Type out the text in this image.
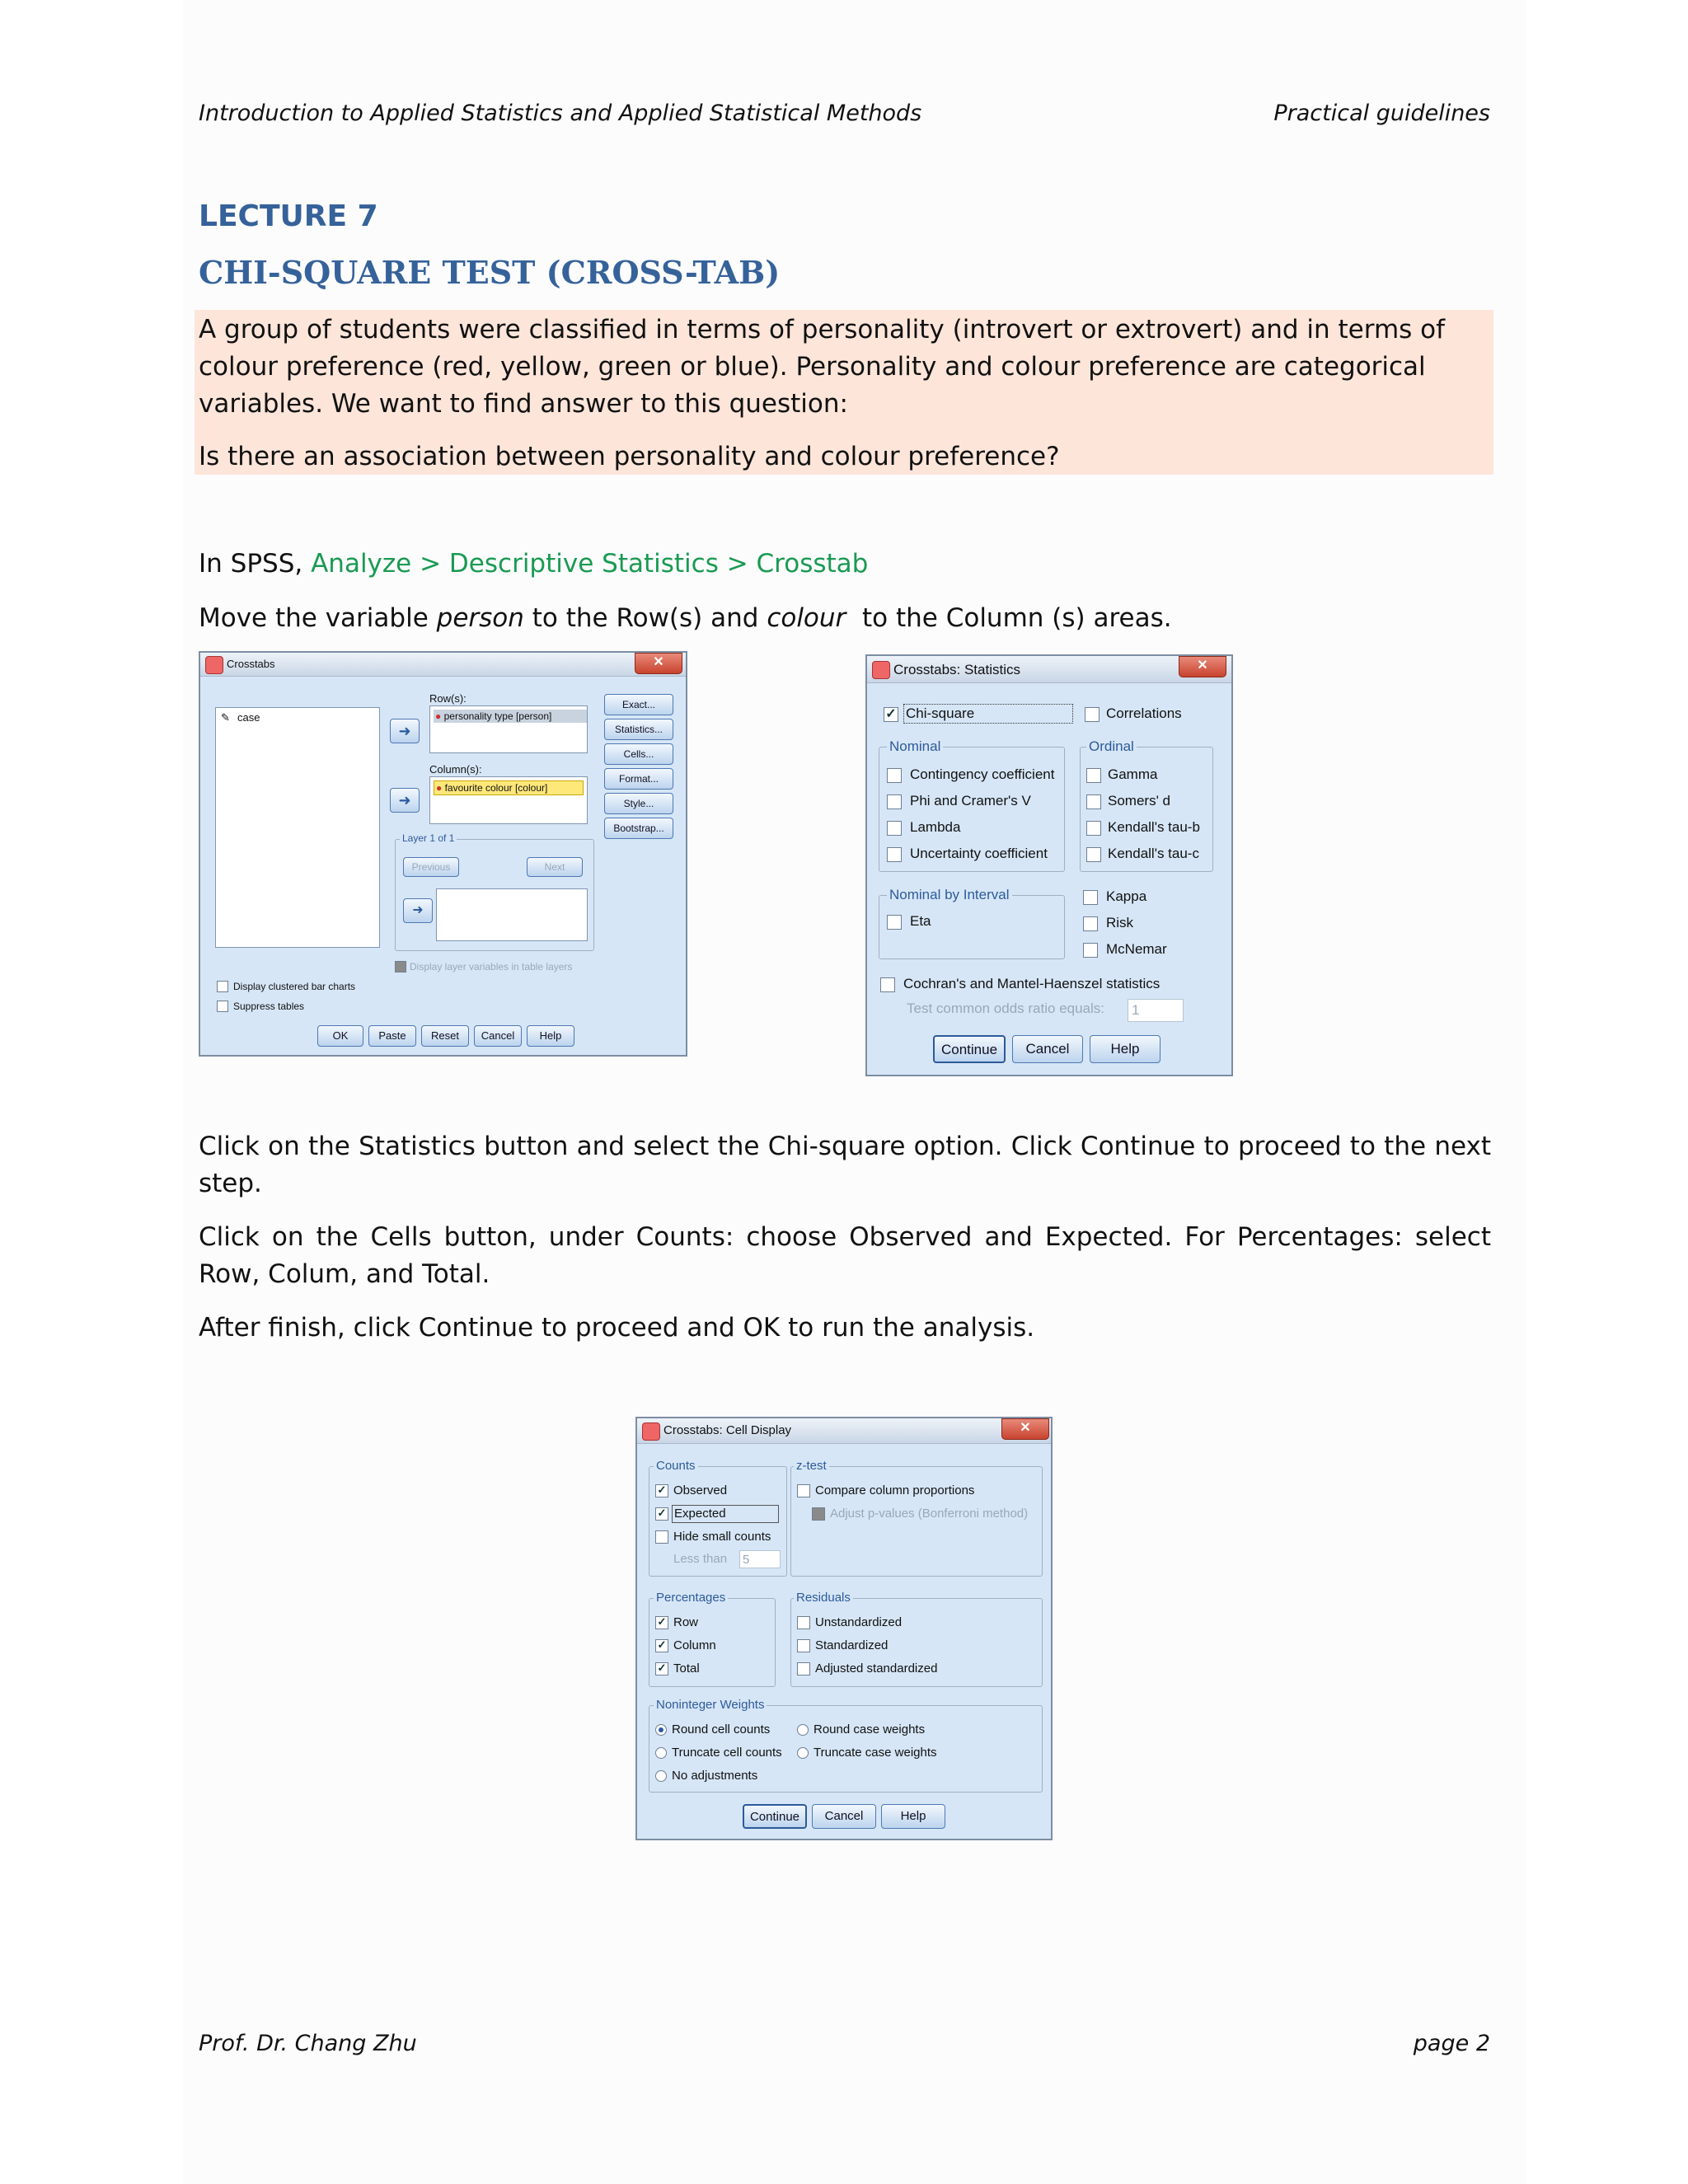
Introduction to Applied Statistics and Applied Statistical Methods	Practical guidelines
LECTURE 7
CHI-SQUARE TEST (CROSS-TAB)

A group of students were classified in terms of personality (introvert or extrovert) and in terms of colour preference (red, yellow, green or blue). Personality and colour preference are categorical variables. We want to find answer to this question:

Is there an association between personality and colour preference?

In SPSS, Analyze > Descriptive Statistics > Crosstab

Move the variable person to the Row(s) and colour  to the Column (s) areas.

Crosstabs	✕
✎ case
Row(s):
● personality type [person]
➜
Column(s):
● favourite colour [colour]
➜
Layer 1 of 1
Previous	Next
➜
Display layer variables in table layers
Display clustered bar charts
Suppress tables
Exact...
Statistics...
Cells...
Format...
Style...
Bootstrap...
OK	Paste	Reset	Cancel	Help
Crosstabs: Statistics	✕
✓
Chi-square	Correlations
Nominal
Contingency coefficient
Phi and Cramer's V
Lambda
Uncertainty coefficient
Ordinal
Gamma
Somers' d
Kendall's tau-b
Kendall's tau-c
Nominal by Interval
Eta
Kappa
Risk
McNemar
Cochran's and Mantel-Haenszel statistics
Test common odds ratio equals: 1
Continue	Cancel	Help

Click on the Statistics button and select the Chi-square option. Click Continue to proceed to the next step.

Click on the Cells button, under Counts: choose Observed and Expected. For Percentages: select Row, Colum, and Total.

After finish, click Continue to proceed and OK to run the analysis.

Crosstabs: Cell Display	✕
Counts
✓
Observed
✓
Expected
Hide small counts
Less than 5
z-test
Compare column proportions
Adjust p-values (Bonferroni method)
Percentages
✓
Row
✓
Column
✓
Total
Residuals
Unstandardized
Standardized
Adjusted standardized
Noninteger Weights
Round cell counts	Round case weights
Truncate cell counts	Truncate case weights
No adjustments
Continue	Cancel	Help
Prof. Dr. Chang Zhu	page 2
